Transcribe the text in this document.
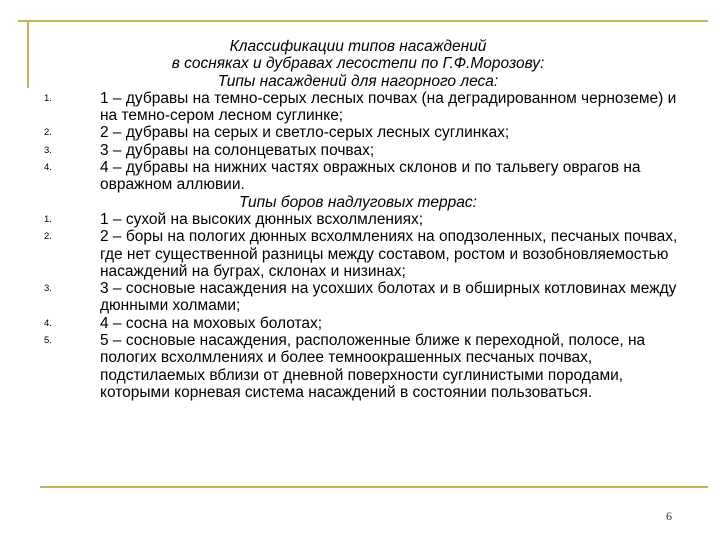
Классификации типов насаждений

в сосняках и дубравах лесостепи по Г.Ф.Морозову:

Типы насаждений для нагорного леса:

1.	1 – дубравы на темно-серых лесных почвах (на деградированном черноземе) и на темно-сером лесном суглинке;

2.	2 – дубравы на серых и светло-серых лесных суглинках;

3.	3 – дубравы на солонцеватых почвах;

4.	4 – дубравы на нижних частях овражных склонов и по тальвегу оврагов на овражном аллювии.

Типы боров надлуговых террас:

1.	1 – сухой на высоких дюнных всхолмлениях;

2.	2 – боры на пологих дюнных всхолмлениях на оподзоленных, песчаных почвах, где нет существенной разницы между составом, ростом и возобновляемостью насаждений на буграх, склонах и низинах;

3.	3 – сосновые насаждения на усохших болотах и в обширных котловинах между дюнными холмами;

4.	4 – сосна на моховых болотах;

5.	5 – сосновые насаждения, расположенные ближе к переходной, полосе, на пологих всхолмлениях и более темноокрашенных песчаных почвах, подстилаемых вблизи от дневной поверхности суглинистыми породами, которыми корневая система насаждений в состоянии пользоваться.

6
